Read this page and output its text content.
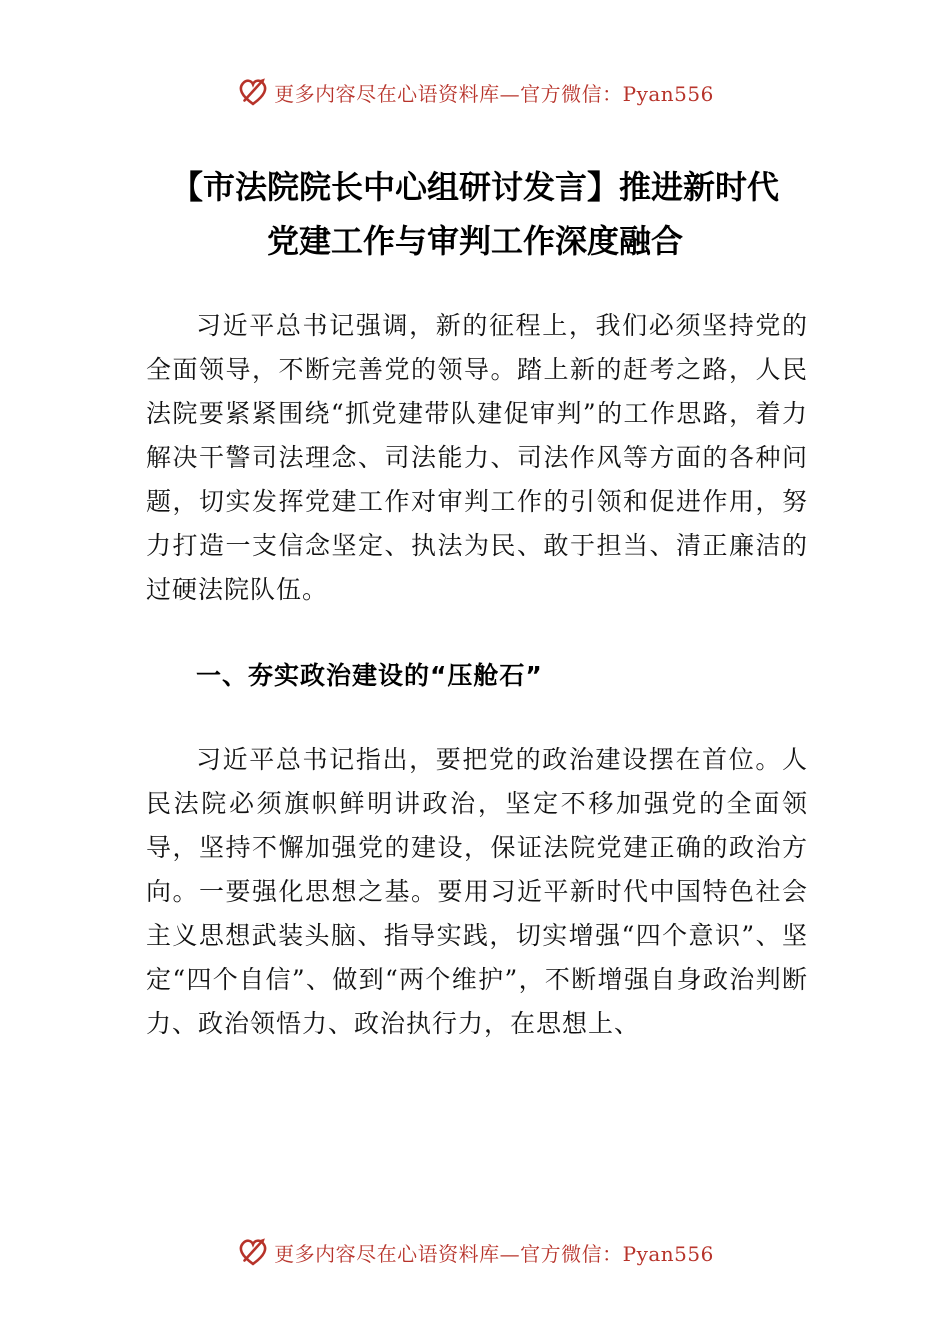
更多内容尽在心语资料库—官方微信：Pyan556
【市法院院长中心组研讨发言】推进新时代
党建工作与审判工作深度融合

习近平总书记强调，新的征程上，我们必须坚持党的全面领导，不断完善党的领导。踏上新的赶考之路，人民法院要紧紧围绕“抓党建带队建促审判”的工作思路，着力解决干警司法理念、司法能力、司法作风等方面的各种问题，切实发挥党建工作对审判工作的引领和促进作用，努力打造一支信念坚定、执法为民、敢于担当、清正廉洁的过硬法院队伍。

一、夯实政治建设的“压舱石”

习近平总书记指出，要把党的政治建设摆在首位。人民法院必须旗帜鲜明讲政治，坚定不移加强党的全面领导，坚持不懈加强党的建设，保证法院党建正确的政治方向。一要强化思想之基。要用习近平新时代中国特色社会主义思想武装头脑、指导实践，切实增强“四个意识”、坚定“四个自信”、做到“两个维护”，不断增强自身政治判断力、政治领悟力、政治执行力，在思想上、

更多内容尽在心语资料库—官方微信：Pyan556
